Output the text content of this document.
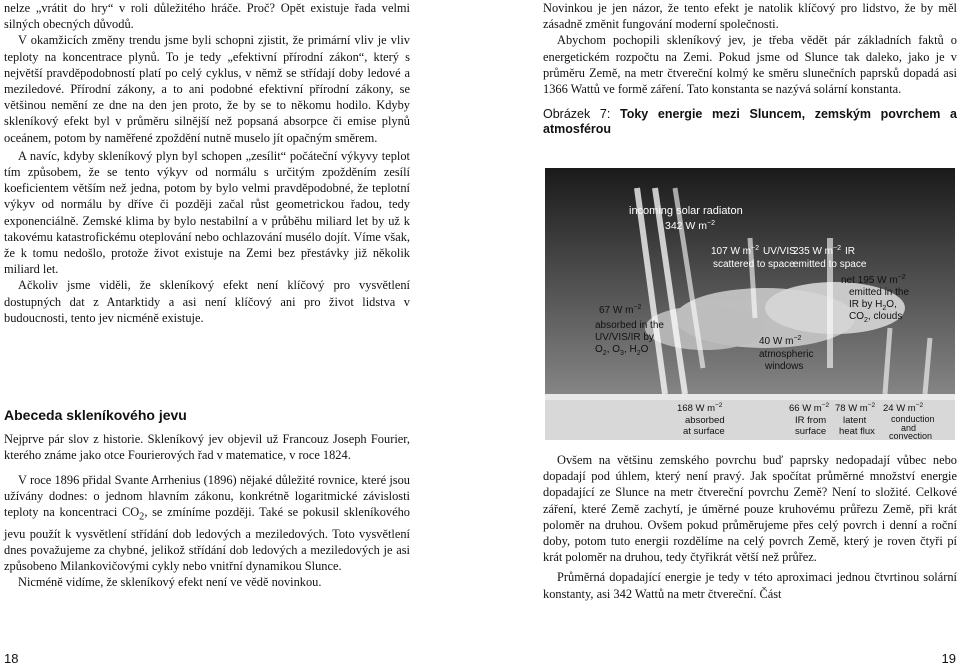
nelze „vrátit do hry“ v roli důležitého hráče. Proč? Opět existuje řada velmi silných obecných důvodů.

V okamžicích změny trendu jsme byli schopni zjistit, že primární vliv je vliv teploty na koncentrace plynů. To je tedy „efektivní přírodní zákon“, který s největší pravděpodobností platí po celý cyklus, v němž se střídají doby ledové a meziledové. Přírodní zákony, a to ani podobné efektivní přírodní zákony, se většinou nemění ze dne na den jen proto, že by se to někomu hodilo. Kdyby skleníkový efekt byl v průměru silnější než popsaná absorpce či emise plynů oceánem, potom by naměřené zpoždění nutně muselo jít opačným směrem.

A navíc, kdyby skleníkový plyn byl schopen „zesílit“ počáteční výkyvy teplot tím způsobem, že se tento výkyv od normálu s určitým zpožděním zesílí koeficientem větším než jedna, potom by bylo velmi pravděpodobné, že teplotní výkyv od normálu by dříve či později začal růst geometrickou řadou, tedy exponenciálně. Zemské klima by bylo nestabilní a v průběhu miliard let by už k takovému katastrofickému oteplování nebo ochlazování musélo dojít. Víme však, že k tomu nedošlo, protože život existuje na Zemi bez přestávky již několik miliard let.

Ačkoliv jsme viděli, že skleníkový efekt není klíčový pro vysvětlení dostupných dat z Antarktidy a asi není klíčový ani pro život lidstva v budoucnosti, tento jev nicméně existuje.

Abeceda skleníkového jevu

Nejprve pár slov z historie. Skleníkový jev objevil už Francouz Joseph Fourier, kterého známe jako otce Fourierových řad v matematice, v roce 1824.

V roce 1896 přidal Svante Arrhenius (1896) nějaké důležité rovnice, které jsou užívány dodnes: o jednom hlavním zákonu, konkrétně logaritmické závislosti teploty na koncentraci $CO_2$, se zmíníme později. Také se pokusil skleníkového jevu použít k vysvětlení střídání dob ledových a meziledových. Toto vysvětlení dnes považujeme za chybné, jelikož střídání dob ledových a meziledových je asi způsobeno Milankovičovými cykly nebo vnitřní dynamikou Slunce.

Nicméně vidíme, že skleníkový efekt není ve vědě novinkou.

Novinkou je jen názor, že tento efekt je natolik klíčový pro lidstvo, že by měl zásadně změnit fungování moderní společnosti.

Abychom pochopili skleníkový jev, je třeba vědět pár základních faktů o energetickém rozpočtu na Zemi. Pokud jsme od Slunce tak daleko, jako je v průměru Země, na metr čtvereční kolmý ke směru slunečních paprsků dopadá asi 1366 Wattů ve formě záření. Tato konstanta se nazývá solární konstanta.

Obrázek 7: Toky energie mezi Sluncem, zemským povrchem a atmosférou
incoming solar radiaton
342 W $m^{-2}$
107 W $m^{-2}$ UV/VIS
scattered to space
235 W $m^{-2}$ IR
emitted to space
net 195 W $m^{-2}$
emitted in the
IR by $H_2O$,
$CO_2$, clouds
67 W $m^{-2}$
absorbed in the
UV/VIS/IR by
$O_2$, $O_3$, $H_2O$
40 W $m^{-2}$
atmospheric
windows
168 W $m^{-2}$
absorbed
at surface
66 W $m^{-2}$
IR from
surface
78 W $m^{-2}$
latent
heat flux
24 W $m^{-2}$
conduction
and
convection

Ovšem na většinu zemského povrchu buď paprsky nedopadají vůbec nebo dopadají pod úhlem, který není pravý. Jak spočítat průměrné množství energie dopadající ze Slunce na metr čtvereční povrchu Země? Není to složité. Celkové záření, které Země zachytí, je úměrné pouze kruhovému průřezu Země, při krát poloměr na druhou. Ovšem pokud průměrujeme přes celý povrch i denní a roční doby, potom tuto energii rozdělíme na celý povrch Země, který je roven čtyři pí krát poloměr na druhou, tedy čtyřikrát větší než průřez.

Průměrná dopadající energie je tedy v této aproximaci jednou čtvrtinou solární konstanty, asi 342 Wattů na metr čtvereční. Část

18	19
